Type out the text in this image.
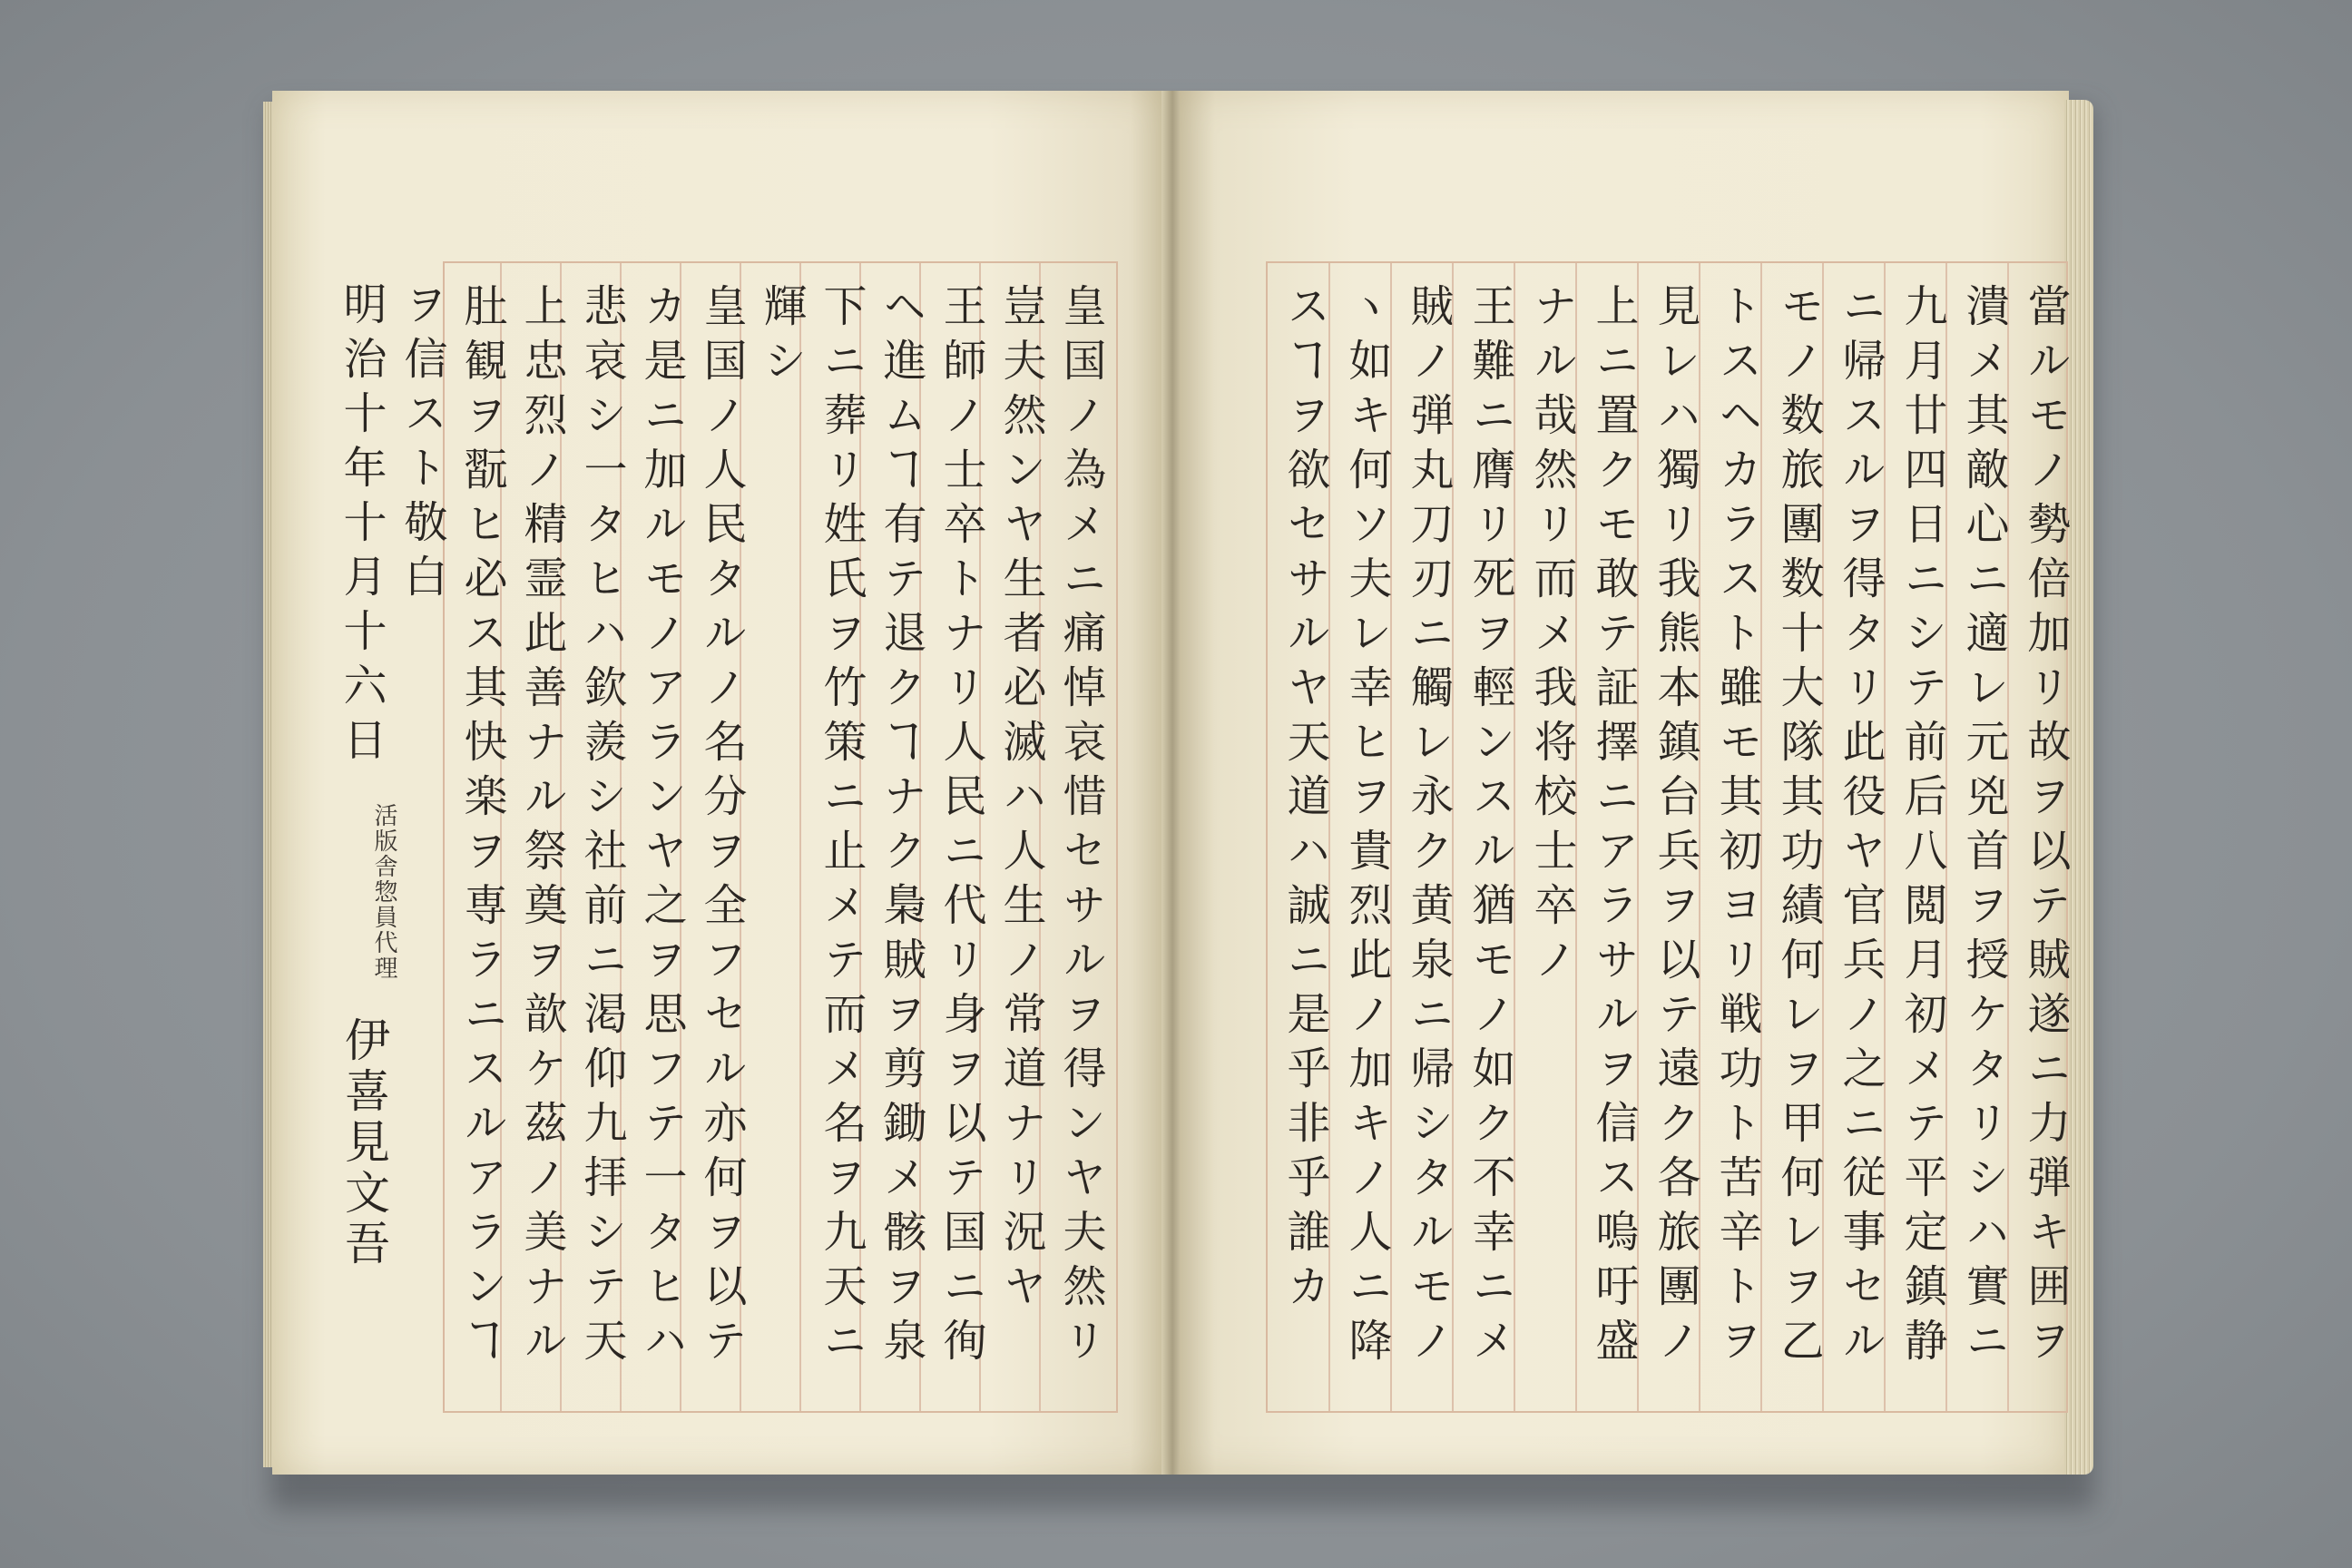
皇国ノ為メニ痛悼哀惜セサルヲ得ンヤ夫然リ
豈夫然ンヤ生者必滅ハ人生ノ常道ナリ況ヤ
王師ノ士卒トナリ人民ニ代リ身ヲ以テ国ニ徇
ヘ進ムヿ有テ退クヿナク梟賊ヲ剪鋤メ骸ヲ泉
下ニ葬リ姓氏ヲ竹策ニ止メテ而メ名ヲ九天ニ
輝シ
皇国ノ人民タルノ名分ヲ全フセル亦何ヲ以テ
カ是ニ加ルモノアランヤ之ヲ思フテ一タヒハ
悲哀シ一タヒハ欽羨シ社前ニ渇仰九拝シテ天
上忠烈ノ精霊此善ナル祭奠ヲ歆ケ茲ノ美ナル
肚観ヲ翫ヒ必ス其快楽ヲ専ラニスルアランヿ
ヲ信スト敬白
明治十年十月十六日
活版舎惣員代理
伊喜見文吾	當ルモノ勢倍加リ故ヲ以テ賊遂ニ力弾キ囲ヲ
潰メ其敵心ニ適レ元兇首ヲ授ケタリシハ實ニ
九月廿四日ニシテ前后八閲月初メテ平定鎮静
ニ帰スルヲ得タリ此役ヤ官兵ノ之ニ従事セル
モノ数旅團数十大隊其功績何レヲ甲何レヲ乙
トスヘカラスト雖モ其初ヨリ戦功ト苦辛トヲ
見レハ獨リ我熊本鎮台兵ヲ以テ遠ク各旅團ノ
上ニ置クモ敢テ証擇ニアラサルヲ信ス嗚吁盛
ナル哉然リ而メ我将校士卒ノ
王難ニ膺リ死ヲ輕ンスル猶モノ如ク不幸ニメ
賊ノ弾丸刀刃ニ觸レ永ク黄泉ニ帰シタルモノ
ヽ如キ何ソ夫レ幸ヒヲ貴烈此ノ加キノ人ニ降
スヿヲ欲セサルヤ天道ハ誠ニ是乎非乎誰カ
